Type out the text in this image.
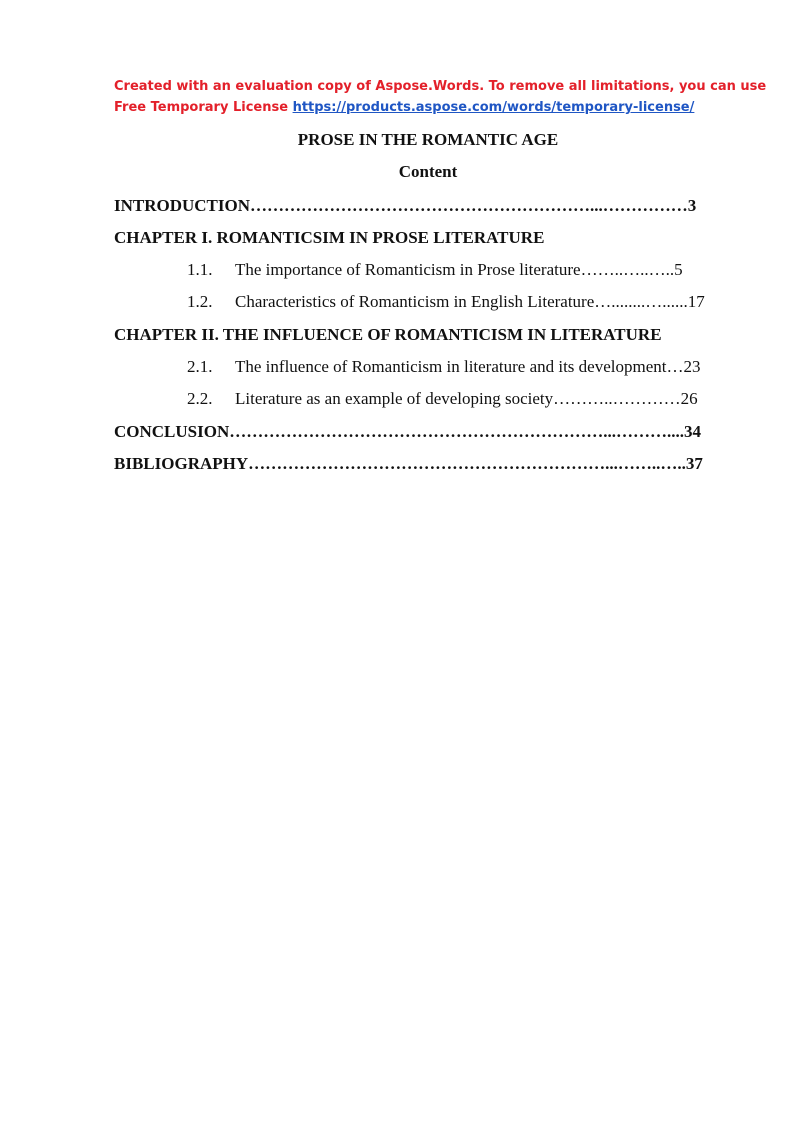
Created with an evaluation copy of Aspose.Words. To remove all limitations, you can use
Free Temporary License https://products.aspose.com/words/temporary-license/
PROSE IN THE ROMANTIC AGE
Content
INTRODUCTION……………………………………………………...……………3
CHAPTER I. ROMANTICSIM IN PROSE LITERATURE
1.1. The importance of Romanticism in Prose literature……..…..…..5
1.2. Characteristics of Romanticism in English Literature…........…......17
CHAPTER II. THE INFLUENCE OF ROMANTICISM IN LITERATURE
2.1. The influence of Romanticism in literature and its development…23
2.2. Literature as an example of developing society………..…………26
CONCLUSION…………………………………………………………...………....34
BIBLIOGRAPHY………………………………………………………...……..…..37
